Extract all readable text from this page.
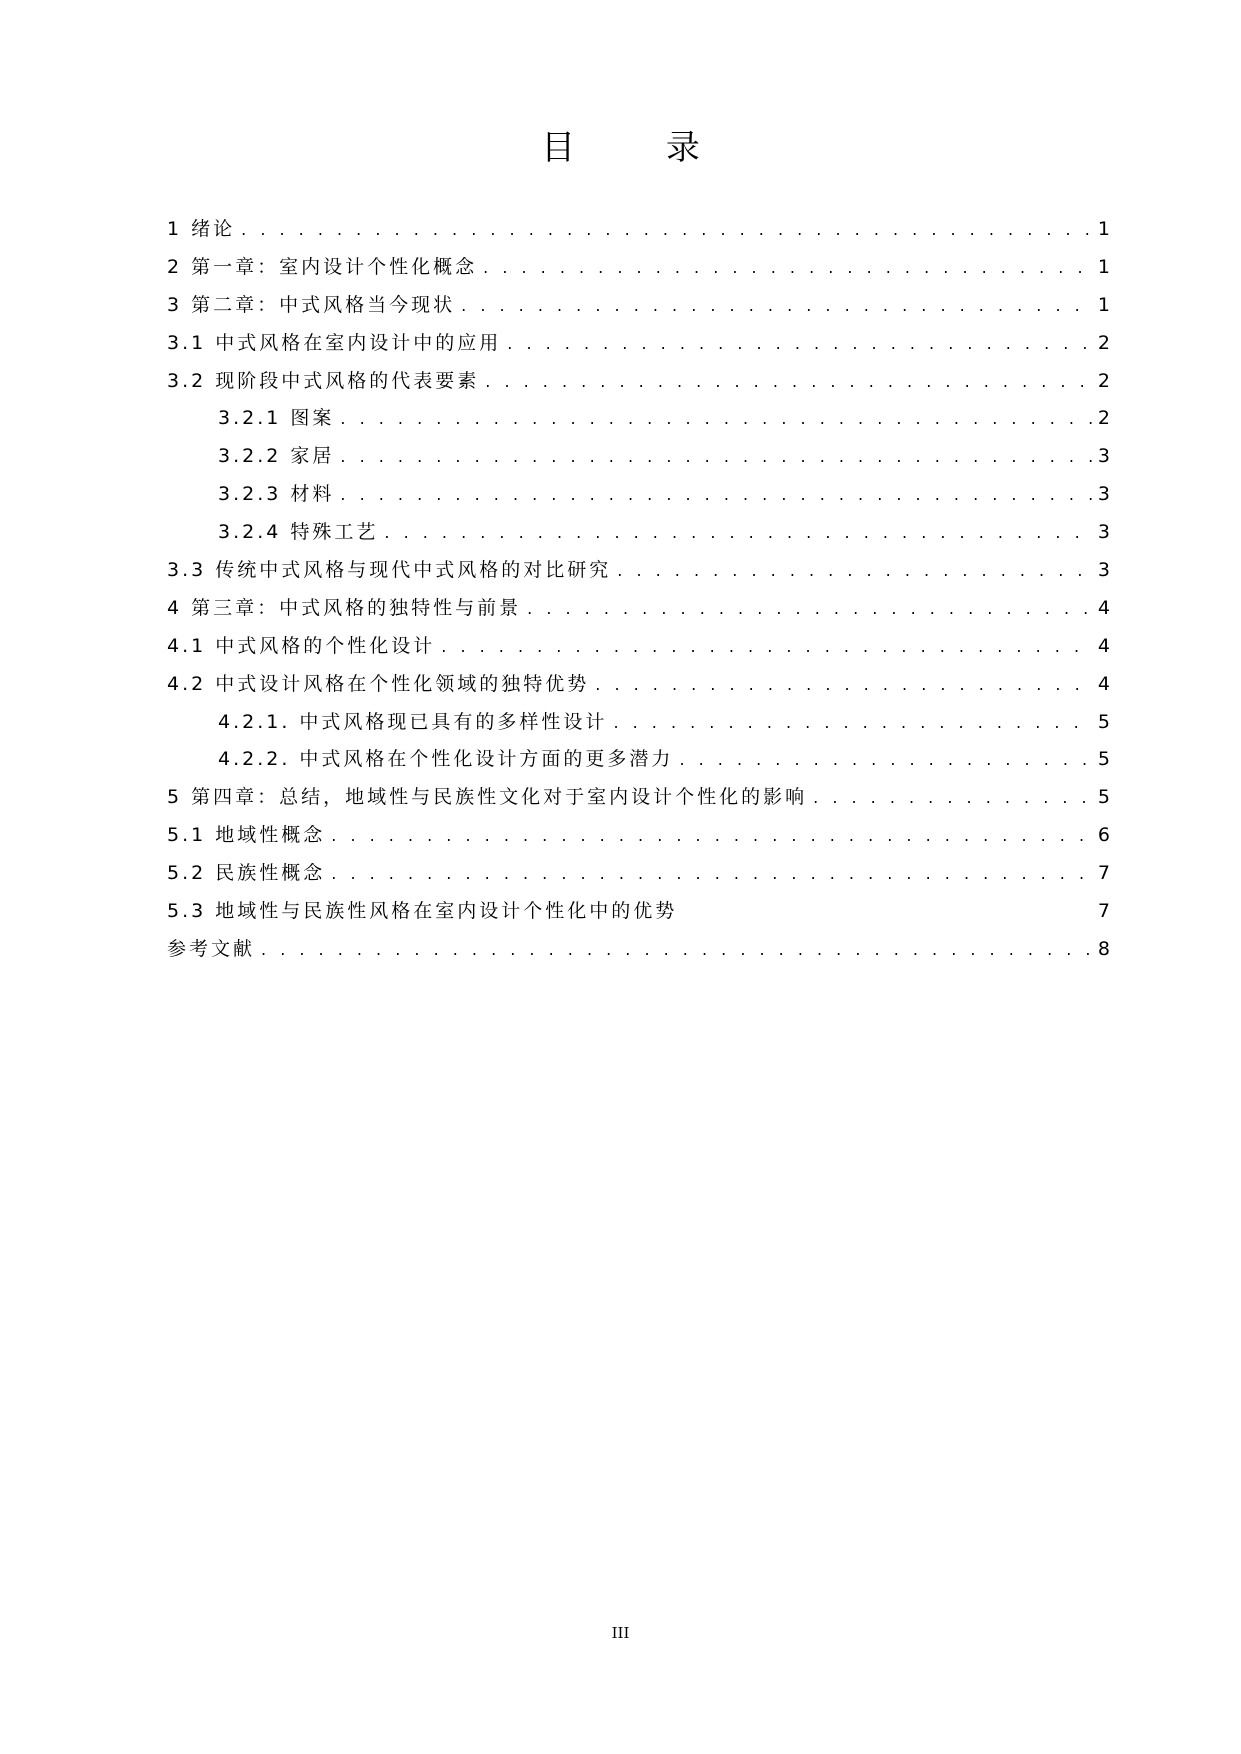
目 录
1 绪论 . . .	1
2 第一章：室内设计个性化概念 . . .	1
3 第二章：中式风格当今现状 . . .	1
3.1 中式风格在室内设计中的应用 . . .	2
3.2 现阶段中式风格的代表要素 . . .	2
3.2.1 图案 . . .	2
3.2.2 家居 . . .	3
3.2.3 材料 . . .	3
3.2.4 特殊工艺 . . .	3
3.3 传统中式风格与现代中式风格的对比研究 . . .	3
4 第三章：中式风格的独特性与前景 . . .	4
4.1 中式风格的个性化设计 . . .	4
4.2 中式设计风格在个性化领域的独特优势 . . .	4
4.2.1. 中式风格现已具有的多样性设计 . . .	5
4.2.2. 中式风格在个性化设计方面的更多潜力 . . .	5
5 第四章：总结，地域性与民族性文化对于室内设计个性化的影响 . . .	5
5.1 地域性概念 . . .	6
5.2 民族性概念 . . .	7
5.3 地域性与民族性风格在室内设计个性化中的优势	7
参考文献 . . .	8
III
